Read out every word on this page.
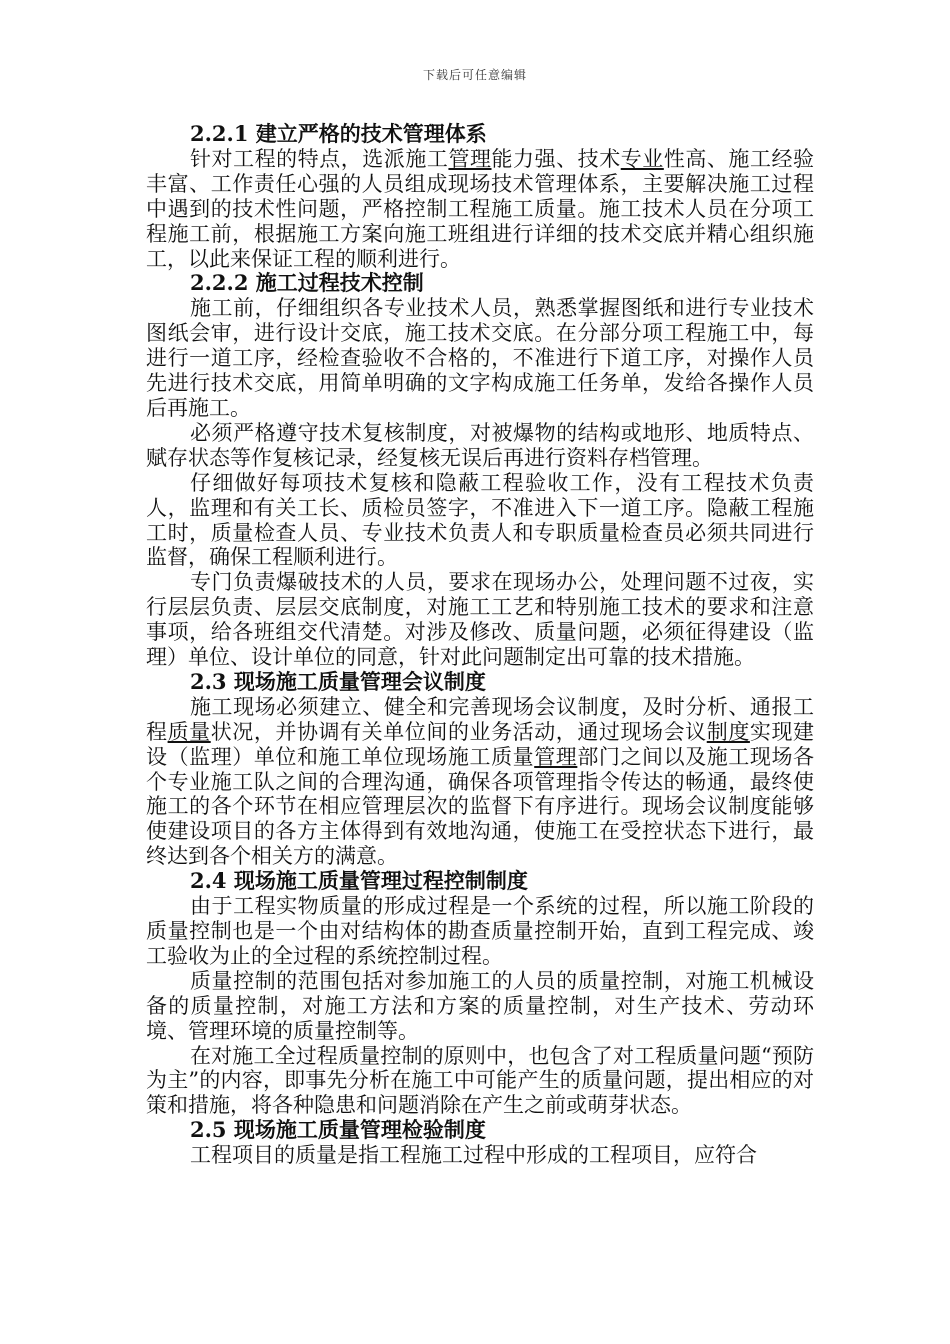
下载后可任意编辑

2.2.1 建立严格的技术管理体系

针对工程的特点，选派施工管理能力强、技术专业性高、施工经验丰富、工作责任心强的人员组成现场技术管理体系，主要解决施工过程中遇到的技术性问题，严格控制工程施工质量。施工技术人员在分项工程施工前，根据施工方案向施工班组进行详细的技术交底并精心组织施工，以此来保证工程的顺利进行。

2.2.2 施工过程技术控制

施工前，仔细组织各专业技术人员，熟悉掌握图纸和进行专业技术图纸会审，进行设计交底，施工技术交底。在分部分项工程施工中，每进行一道工序，经检查验收不合格的，不准进行下道工序，对操作人员先进行技术交底，用简单明确的文字构成施工任务单，发给各操作人员后再施工。

必须严格遵守技术复核制度，对被爆物的结构或地形、地质特点、赋存状态等作复核记录，经复核无误后再进行资料存档管理。

仔细做好每项技术复核和隐蔽工程验收工作，没有工程技术负责人，监理和有关工长、质检员签字，不准进入下一道工序。隐蔽工程施工时，质量检查人员、专业技术负责人和专职质量检查员必须共同进行监督，确保工程顺利进行。

专门负责爆破技术的人员，要求在现场办公，处理问题不过夜，实行层层负责、层层交底制度，对施工工艺和特别施工技术的要求和注意事项，给各班组交代清楚。对涉及修改、质量问题，必须征得建设（监理）单位、设计单位的同意，针对此问题制定出可靠的技术措施。

2.3 现场施工质量管理会议制度

施工现场必须建立、健全和完善现场会议制度，及时分析、通报工程质量状况，并协调有关单位间的业务活动，通过现场会议制度实现建设（监理）单位和施工单位现场施工质量管理部门之间以及施工现场各个专业施工队之间的合理沟通，确保各项管理指令传达的畅通，最终使施工的各个环节在相应管理层次的监督下有序进行。现场会议制度能够使建设项目的各方主体得到有效地沟通，使施工在受控状态下进行，最终达到各个相关方的满意。

2.4 现场施工质量管理过程控制制度

由于工程实物质量的形成过程是一个系统的过程，所以施工阶段的质量控制也是一个由对结构体的勘查质量控制开始，直到工程完成、竣工验收为止的全过程的系统控制过程。

质量控制的范围包括对参加施工的人员的质量控制，对施工机械设备的质量控制，对施工方法和方案的质量控制，对生产技术、劳动环境、管理环境的质量控制等。

在对施工全过程质量控制的原则中，也包含了对工程质量问题“预防为主”的内容，即事先分析在施工中可能产生的质量问题，提出相应的对策和措施，将各种隐患和问题消除在产生之前或萌芽状态。

2.5 现场施工质量管理检验制度

工程项目的质量是指工程施工过程中形成的工程项目，应符合
